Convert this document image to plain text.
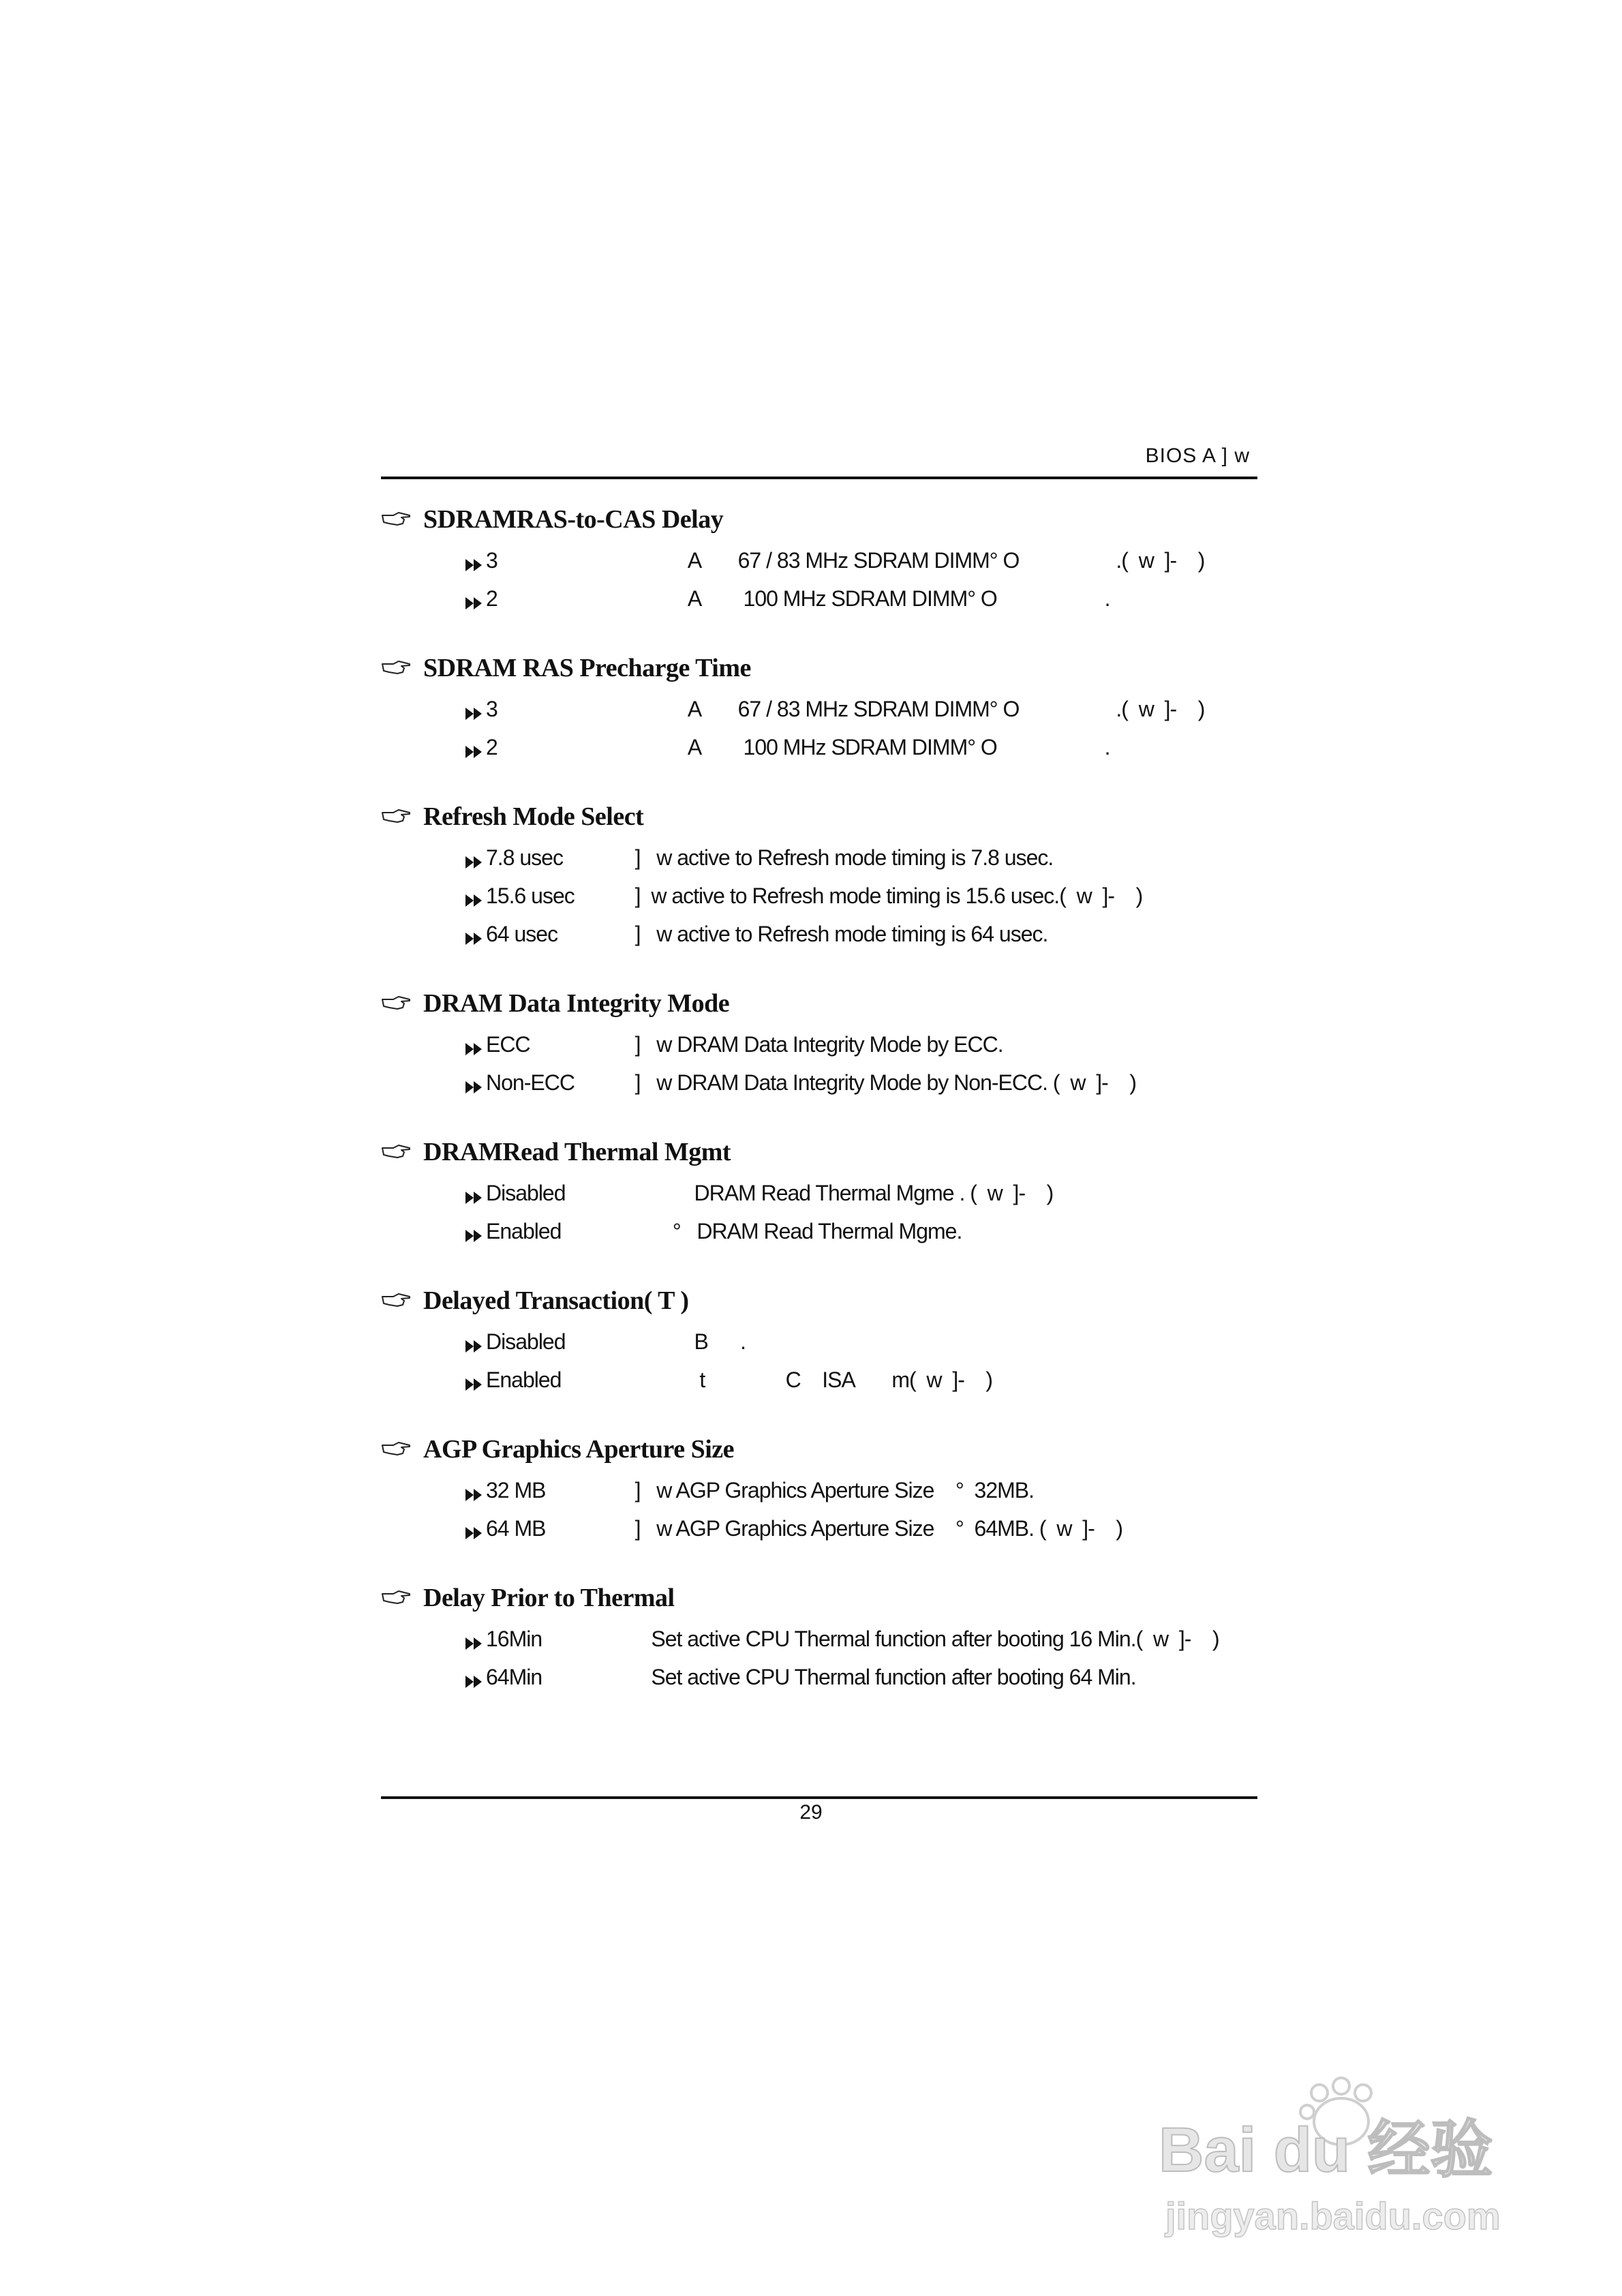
BIOS A ] w
SDRAMRAS-to-CAS Delay
3	A       67 / 83 MHz SDRAM DIMM° O                  .(  w  ]-    )
2	A        100 MHz SDRAM DIMM° O                    .
SDRAM RAS Precharge Time
3	A       67 / 83 MHz SDRAM DIMM° O                  .(  w  ]-    )
2	A        100 MHz SDRAM DIMM° O                    .
Refresh Mode Select
7.8 usec	]   w active to Refresh mode timing is 7.8 usec.
15.6 usec	]  w active to Refresh mode timing is 15.6 usec.(  w  ]-    )
64 usec	]   w active to Refresh mode timing is 64 usec.
DRAM Data Integrity Mode
ECC	]   w DRAM Data Integrity Mode by ECC.
Non-ECC	]   w DRAM Data Integrity Mode by Non-ECC. (  w  ]-    )
DRAMRead Thermal Mgmt
Disabled	DRAM Read Thermal Mgme . (  w  ]-    )
Enabled	°   DRAM Read Thermal Mgme.
Delayed Transaction( T )
Disabled	B      .
Enabled	t               C    ISA       m(  w  ]-    )
AGP Graphics Aperture Size
32 MB	]   w AGP Graphics Aperture Size    °  32MB.
64 MB	]   w AGP Graphics Aperture Size    °  64MB. (  w  ]-    )
Delay Prior to Thermal
16Min	Set active CPU Thermal function after booting 16 Min.(  w  ]-    )
64Min	Set active CPU Thermal function after booting 64 Min.
29
Bai du 经验
jingyan.baidu.com
